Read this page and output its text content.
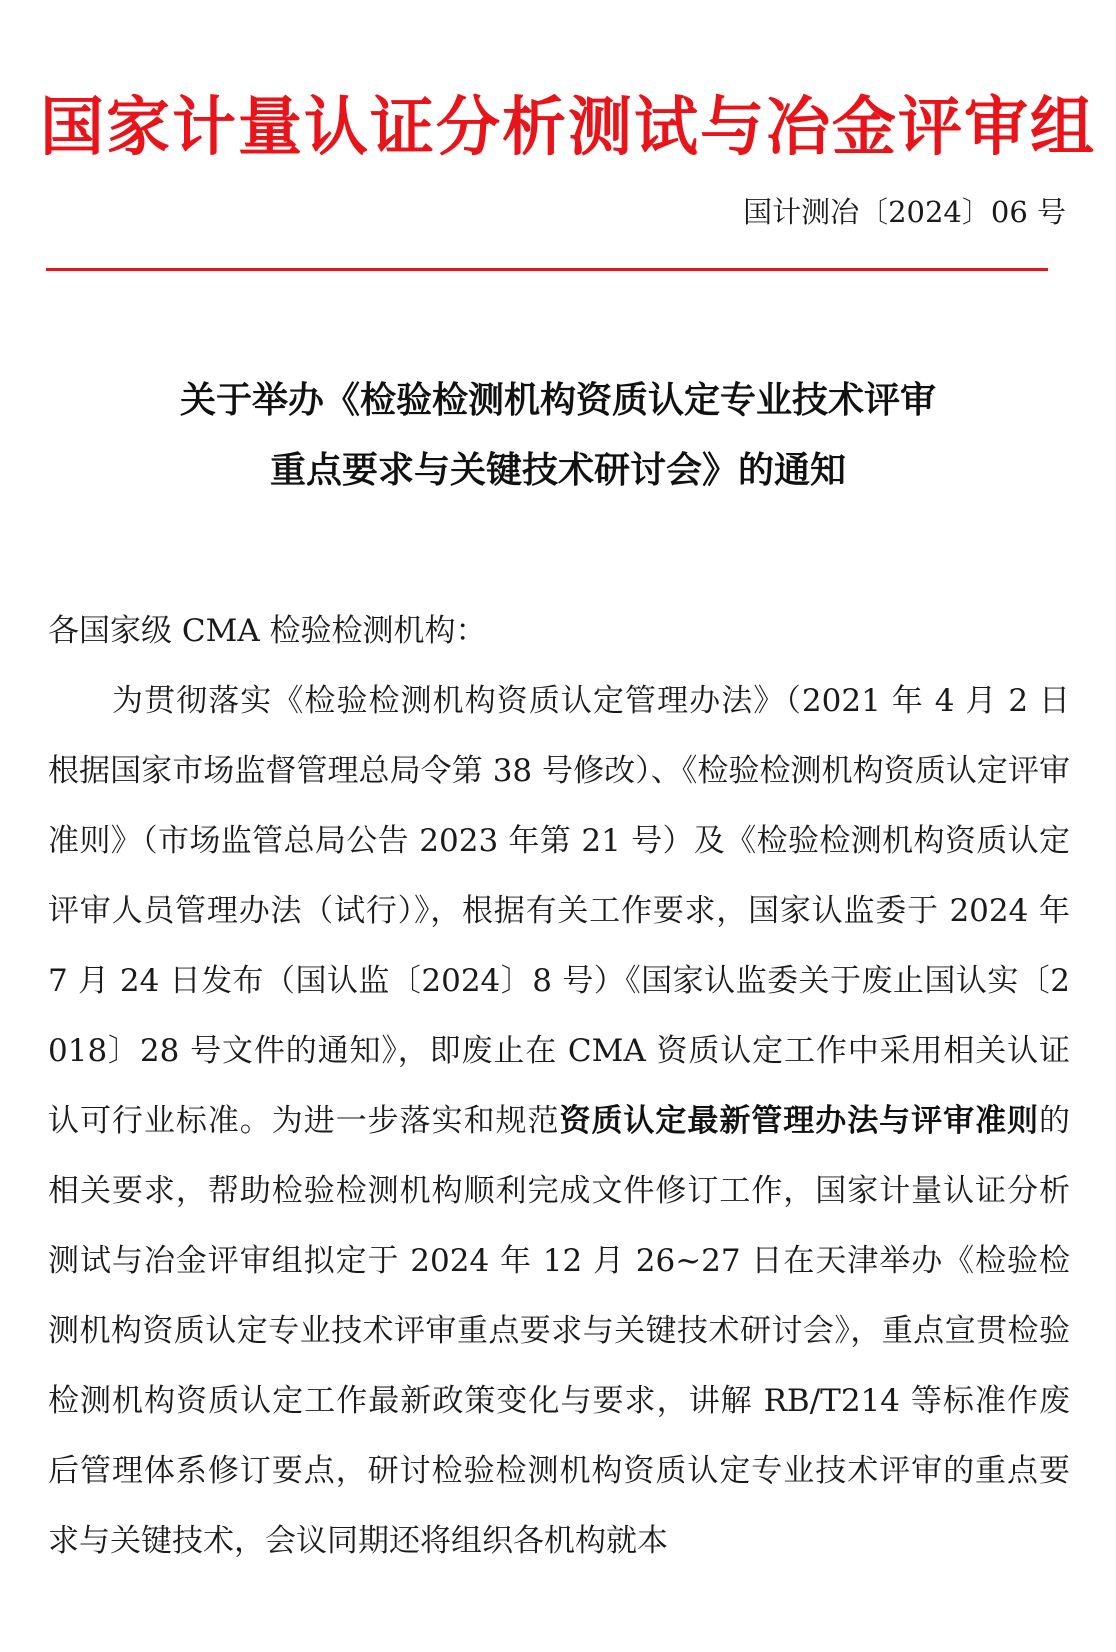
国家计量认证分析测试与冶金评审组
国计测冶〔2024〕06 号
关于举办《检验检测机构资质认定专业技术评审
重点要求与关键技术研讨会》的通知
各国家级 CMA 检验检测机构：
为贯彻落实《检验检测机构资质认定管理办法》（2021 年 4 月 2 日根据国家市场监督管理总局令第 38 号修改）、《检验检测机构资质认定评审准则》（市场监管总局公告 2023 年第 21 号）及《检验检测机构资质认定评审人员管理办法（试行）》，根据有关工作要求，国家认监委于 2024 年 7 月 24 日发布（国认监〔2024〕8 号）《国家认监委关于废止国认实〔2018〕28 号文件的通知》，即废止在 CMA 资质认定工作中采用相关认证认可行业标准。为进一步落实和规范资质认定最新管理办法与评审准则的相关要求，帮助检验检测机构顺利完成文件修订工作，国家计量认证分析测试与冶金评审组拟定于 2024 年 12 月 26~27 日在天津举办《检验检测机构资质认定专业技术评审重点要求与关键技术研讨会》，重点宣贯检验检测机构资质认定工作最新政策变化与要求，讲解 RB/T214 等标准作废后管理体系修订要点，研讨检验检测机构资质认定专业技术评审的重点要求与关键技术，会议同期还将组织各机构就本
